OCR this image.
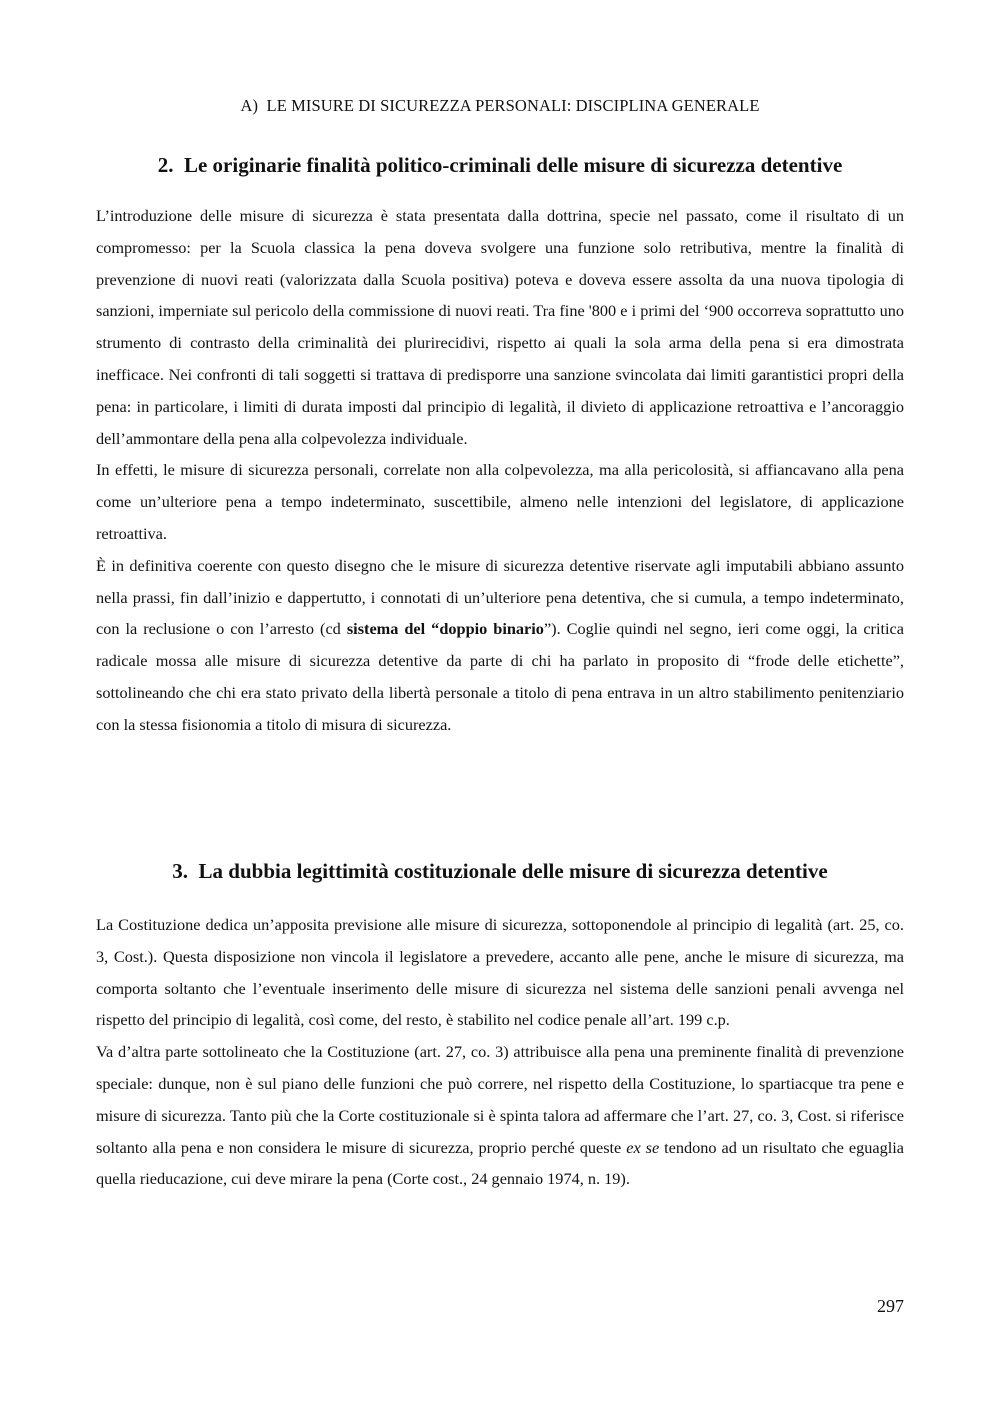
A)  LE MISURE DI SICUREZZA PERSONALI: DISCIPLINA GENERALE
2.  Le originarie finalità politico-criminali delle misure di sicurezza detentive

L’introduzione delle misure di sicurezza è stata presentata dalla dottrina, specie nel passato, come il risultato di un compromesso: per la Scuola classica la pena doveva svolgere una funzione solo retributiva, mentre la finalità di prevenzione di nuovi reati (valorizzata dalla Scuola positiva) poteva e doveva essere assolta da una nuova tipologia di sanzioni, imperniate sul pericolo della commissione di nuovi reati. Tra fine '800 e i primi del ‘900 occorreva soprattutto uno strumento di contrasto della criminalità dei plurirecidivi, rispetto ai quali la sola arma della pena si era dimostrata inefficace. Nei confronti di tali soggetti si trattava di predisporre una sanzione svincolata dai limiti garantistici propri della pena: in particolare, i limiti di durata imposti dal principio di legalità, il divieto di applicazione retroattiva e l’ancoraggio dell’ammontare della pena alla colpevolezza individuale.

In effetti, le misure di sicurezza personali, correlate non alla colpevolezza, ma alla pericolosità, si affiancavano alla pena come un’ulteriore pena a tempo indeterminato, suscettibile, almeno nelle intenzioni del legislatore, di applicazione retroattiva.

È in definitiva coerente con questo disegno che le misure di sicurezza detentive riservate agli imputabili abbiano assunto nella prassi, fin dall’inizio e dappertutto, i connotati di un’ulteriore pena detentiva, che si cumula, a tempo indeterminato, con la reclusione o con l’arresto (cd sistema del “doppio binario”). Coglie quindi nel segno, ieri come oggi, la critica radicale mossa alle misure di sicurezza detentive da parte di chi ha parlato in proposito di “frode delle etichette”, sottolineando che chi era stato privato della libertà personale a titolo di pena entrava in un altro stabilimento penitenziario con la stessa fisionomia a titolo di misura di sicurezza.

3.  La dubbia legittimità costituzionale delle misure di sicurezza detentive

La Costituzione dedica un’apposita previsione alle misure di sicurezza, sottoponendole al principio di legalità (art. 25, co. 3, Cost.). Questa disposizione non vincola il legislatore a prevedere, accanto alle pene, anche le misure di sicurezza, ma comporta soltanto che l’eventuale inserimento delle misure di sicurezza nel sistema delle sanzioni penali avvenga nel rispetto del principio di legalità, così come, del resto, è stabilito nel codice penale all’art. 199 c.p.

Va d’altra parte sottolineato che la Costituzione (art. 27, co. 3) attribuisce alla pena una preminente finalità di prevenzione speciale: dunque, non è sul piano delle funzioni che può correre, nel rispetto della Costituzione, lo spartiacque tra pene e misure di sicurezza. Tanto più che la Corte costituzionale si è spinta talora ad affermare che l’art. 27, co. 3, Cost. si riferisce soltanto alla pena e non considera le misure di sicurezza, proprio perché queste ex se tendono ad un risultato che eguaglia quella rieducazione, cui deve mirare la pena (Corte cost., 24 gennaio 1974, n. 19).

297
